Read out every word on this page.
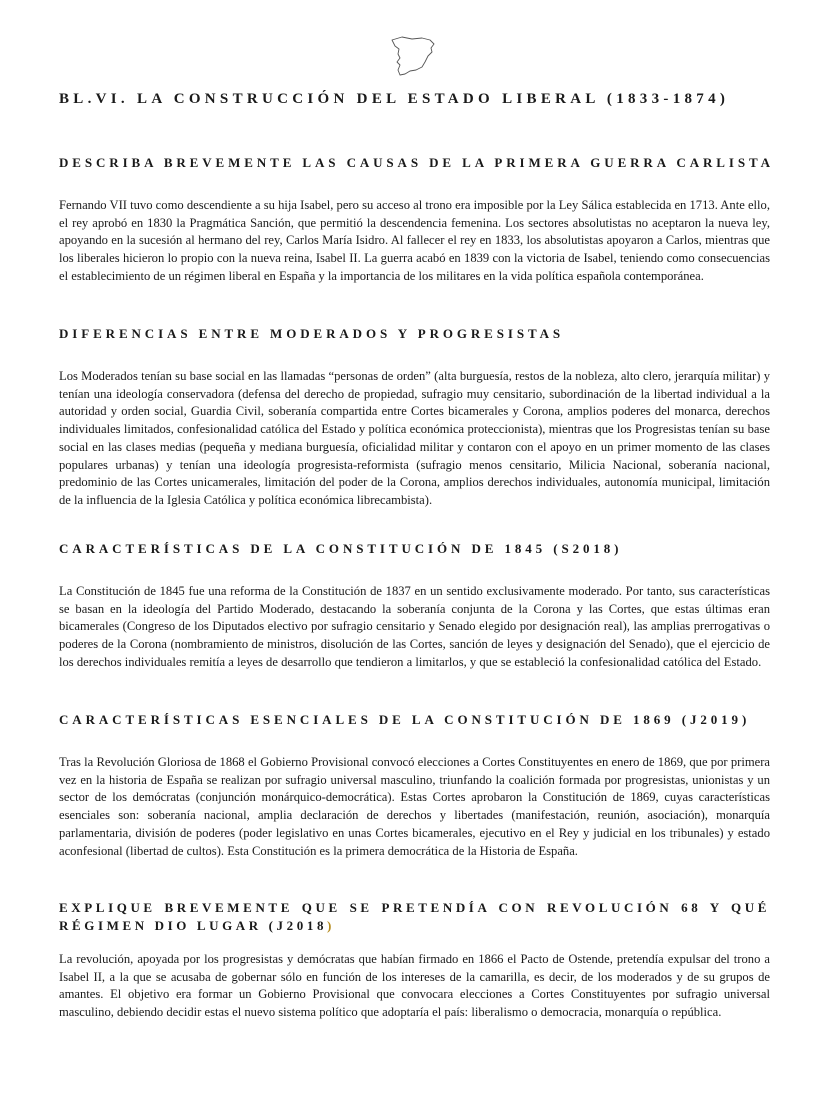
BL.VI. LA CONSTRUCCIÓN DEL ESTADO LIBERAL (1833-1874)
DESCRIBA BREVEMENTE LAS CAUSAS DE LA PRIMERA GUERRA CARLISTA

Fernando VII tuvo como descendiente a su hija Isabel, pero su acceso al trono era imposible por la Ley Sálica establecida en 1713. Ante ello, el rey aprobó en 1830 la Pragmática Sanción, que permitió la descendencia femenina. Los sectores absolutistas no aceptaron la nueva ley, apoyando en la sucesión al hermano del rey, Carlos María Isidro. Al fallecer el rey en 1833, los absolutistas apoyaron a Carlos, mientras que los liberales hicieron lo propio con la nueva reina, Isabel II. La guerra acabó en 1839 con la victoria de Isabel, teniendo como consecuencias el establecimiento de un régimen liberal en España y la importancia de los militares en la vida política española contemporánea.

DIFERENCIAS ENTRE MODERADOS Y PROGRESISTAS

Los Moderados tenían su base social en las llamadas “personas de orden” (alta burguesía, restos de la nobleza, alto clero, jerarquía militar) y tenían una ideología conservadora (defensa del derecho de propiedad, sufragio muy censitario, subordinación de la libertad individual a la autoridad y orden social, Guardia Civil, soberanía compartida entre Cortes bicamerales y Corona, amplios poderes del monarca, derechos individuales limitados, confesionalidad católica del Estado y política económica proteccionista), mientras que los Progresistas tenían su base social en las clases medias (pequeña y mediana burguesía, oficialidad militar y contaron con el apoyo en un primer momento de las clases populares urbanas) y tenían una ideología progresista-reformista (sufragio menos censitario, Milicia Nacional, soberanía nacional, predominio de las Cortes unicamerales, limitación del poder de la Corona, amplios derechos individuales, autonomía municipal, limitación de la influencia de la Iglesia Católica y política económica librecambista).

CARACTERÍSTICAS DE LA CONSTITUCIÓN DE 1845 (S2018)

La Constitución de 1845 fue una reforma de la Constitución de 1837 en un sentido exclusivamente moderado. Por tanto, sus características se basan en la ideología del Partido Moderado, destacando la soberanía conjunta de la Corona y las Cortes, que estas últimas eran bicamerales (Congreso de los Diputados electivo por sufragio censitario y Senado elegido por designación real), las amplias prerrogativas o poderes de la Corona (nombramiento de ministros, disolución de las Cortes, sanción de leyes y designación del Senado), que el ejercicio de los derechos individuales remitía a leyes de desarrollo que tendieron a limitarlos, y que se estableció la confesionalidad católica del Estado.

CARACTERÍSTICAS ESENCIALES DE LA CONSTITUCIÓN DE 1869 (J2019)

Tras la Revolución Gloriosa de 1868 el Gobierno Provisional convocó elecciones a Cortes Constituyentes en enero de 1869, que por primera vez en la historia de España se realizan por sufragio universal masculino, triunfando la coalición formada por progresistas, unionistas y un sector de los demócratas (conjunción monárquico-democrática). Estas Cortes aprobaron la Constitución de 1869, cuyas características esenciales son: soberanía nacional, amplia declaración de derechos y libertades (manifestación, reunión, asociación), monarquía parlamentaria, división de poderes (poder legislativo en unas Cortes bicamerales, ejecutivo en el Rey y judicial en los tribunales) y estado aconfesional (libertad de cultos). Esta Constitución es la primera democrática de la Historia de España.

EXPLIQUE BREVEMENTE QUE SE PRETENDÍA CON REVOLUCIÓN 68 Y QUÉ RÉGIMEN DIO LUGAR (J2018)

La revolución, apoyada por los progresistas y demócratas que habían firmado en 1866 el Pacto de Ostende, pretendía expulsar del trono a Isabel II, a la que se acusaba de gobernar sólo en función de los intereses de la camarilla, es decir, de los moderados y de su grupos de amantes. El objetivo era formar un Gobierno Provisional que convocara elecciones a Cortes Constituyentes por sufragio universal masculino, debiendo decidir estas el nuevo sistema político que adoptaría el país: liberalismo o democracia, monarquía o república.
